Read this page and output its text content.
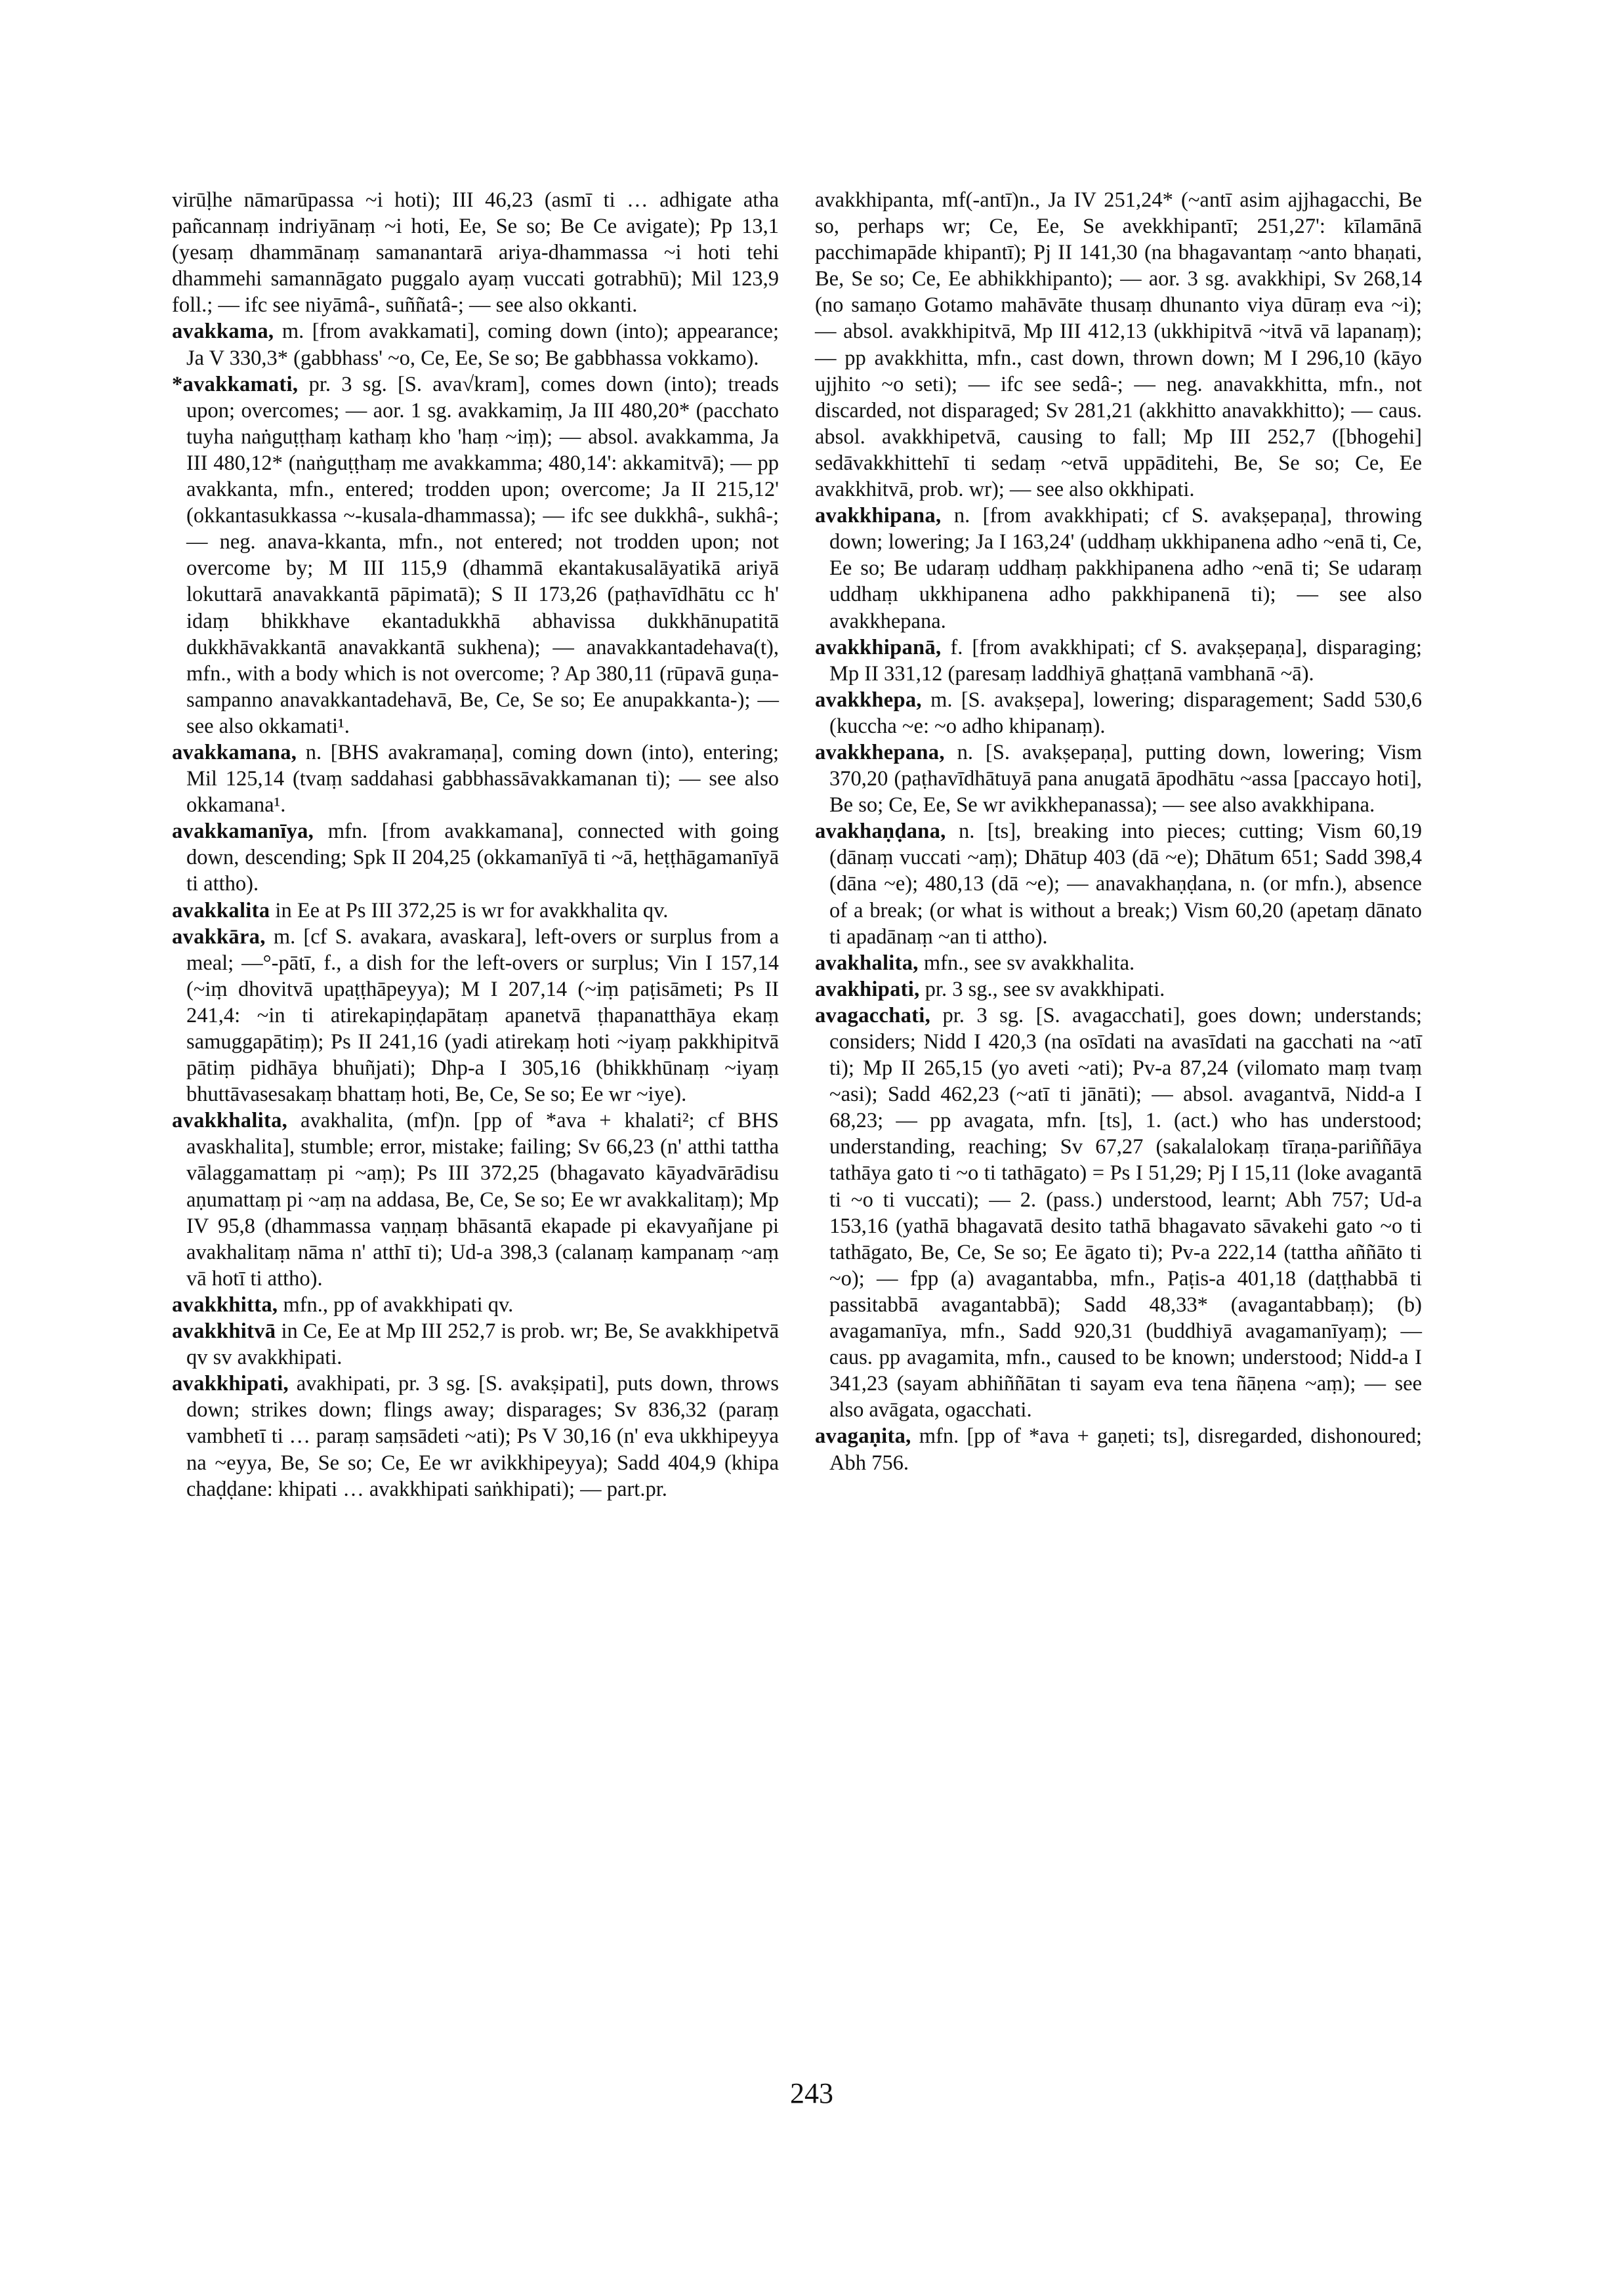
virūḷhe nāmarūpassa ~i hoti); III 46,23 (asmī ti … adhigate atha pañcannaṃ indriyānaṃ ~i hoti, Ee, Se so; Be Ce avigate); Pp 13,1 (yesaṃ dhammānaṃ samanantarā ariya-dhammassa ~i hoti tehi dhammehi samannāgato puggalo ayaṃ vuccati gotrabhū); Mil 123,9 foll.; — ifc see niyāmâ-, suññatâ-; — see also okkanti.

avakkama, m. [from avakkamati], coming down (into); appearance; Ja V 330,3* (gabbhass' ~o, Ce, Ee, Se so; Be gabbhassa vokkamo).

*avakkamati, pr. 3 sg. [S. ava√kram], comes down (into); treads upon; overcomes; — aor. 1 sg. avakkamiṃ, Ja III 480,20* (pacchato tuyha naṅguṭṭhaṃ kathaṃ kho 'haṃ ~iṃ); — absol. avakkamma, Ja III 480,12* (naṅguṭṭhaṃ me avakkamma; 480,14': akkamitvā); — pp avakkanta, mfn., entered; trodden upon; overcome; Ja II 215,12' (okkantasukkassa ~-kusala-dhammassa); — ifc see dukkhâ-, sukhâ-; — neg. anava-kkanta, mfn., not entered; not trodden upon; not overcome by; M III 115,9 (dhammā ekantakusalāyatikā ariyā lokuttarā anavakkantā pāpimatā); S II 173,26 (paṭhavīdhātu cc h' idaṃ bhikkhave ekantadukkhā abhavissa dukkhānupatitā dukkhāvakkantā anavakkantā sukhena); — anavakkantadehava(t), mfn., with a body which is not overcome; ? Ap 380,11 (rūpavā guṇa-sampanno anavakkantadehavā, Be, Ce, Se so; Ee anupakkanta-); — see also okkamati¹.

avakkamana, n. [BHS avakramaṇa], coming down (into), entering; Mil 125,14 (tvaṃ saddahasi gabbhassāvakkamanan ti); — see also okkamana¹.

avakkamanīya, mfn. [from avakkamana], connected with going down, descending; Spk II 204,25 (okkamanīyā ti ~ā, heṭṭhāgamanīyā ti attho).

avakkalita in Ee at Ps III 372,25 is wr for avakkhalita qv.

avakkāra, m. [cf S. avakara, avaskara], left-overs or surplus from a meal; —°-pātī, f., a dish for the left-overs or surplus; Vin I 157,14 (~iṃ dhovitvā upaṭṭhāpeyya); M I 207,14 (~iṃ paṭisāmeti; Ps II 241,4: ~in ti atirekapiṇḍapātaṃ apanetvā ṭhapanatthāya ekaṃ samuggapātiṃ); Ps II 241,16 (yadi atirekaṃ hoti ~iyaṃ pakkhipitvā pātiṃ pidhāya bhuñjati); Dhp-a I 305,16 (bhikkhūnaṃ ~iyaṃ bhuttāvasesakaṃ bhattaṃ hoti, Be, Ce, Se so; Ee wr ~iye).

avakkhalita, avakhalita, (mf)n. [pp of *ava + khalati²; cf BHS avaskhalita], stumble; error, mistake; failing; Sv 66,23 (n' atthi tattha vālaggamattaṃ pi ~aṃ); Ps III 372,25 (bhagavato kāyadvārādisu aṇumattaṃ pi ~aṃ na addasa, Be, Ce, Se so; Ee wr avakkalitaṃ); Mp IV 95,8 (dhammassa vaṇṇaṃ bhāsantā ekapade pi ekavyañjane pi avakhalitaṃ nāma n' atthī ti); Ud-a 398,3 (calanaṃ kampanaṃ ~aṃ vā hotī ti attho).

avakkhitta, mfn., pp of avakkhipati qv.

avakkhitvā in Ce, Ee at Mp III 252,7 is prob. wr; Be, Se avakkhipetvā qv sv avakkhipati.

avakkhipati, avakhipati, pr. 3 sg. [S. avakṣipati], puts down, throws down; strikes down; flings away; disparages; Sv 836,32 (paraṃ vambhetī ti … paraṃ saṃsādeti ~ati); Ps V 30,16 (n' eva ukkhipeyya na ~eyya, Be, Se so; Ce, Ee wr avikkhipeyya); Sadd 404,9 (khipa chaḍḍane: khipati … avakkhipati saṅkhipati); — part.pr.

avakkhipanta, mf(-antī)n., Ja IV 251,24* (~antī asim ajjhagacchi, Be so, perhaps wr; Ce, Ee, Se avekkhipantī; 251,27': kīlamānā pacchimapāde khipantī); Pj II 141,30 (na bhagavantaṃ ~anto bhaṇati, Be, Se so; Ce, Ee abhikkhipanto); — aor. 3 sg. avakkhipi, Sv 268,14 (no samaṇo Gotamo mahāvāte thusaṃ dhunanto viya dūraṃ eva ~i); — absol. avakkhipitvā, Mp III 412,13 (ukkhipitvā ~itvā vā lapanaṃ); — pp avakkhitta, mfn., cast down, thrown down; M I 296,10 (kāyo ujjhito ~o seti); — ifc see sedâ-; — neg. anavakkhitta, mfn., not discarded, not disparaged; Sv 281,21 (akkhitto anavakkhitto); — caus. absol. avakkhipetvā, causing to fall; Mp III 252,7 ([bhogehi] sedāvakkhittehī ti sedaṃ ~etvā uppāditehi, Be, Se so; Ce, Ee avakkhitvā, prob. wr); — see also okkhipati.

avakkhipana, n. [from avakkhipati; cf S. avakṣepaṇa], throwing down; lowering; Ja I 163,24' (uddhaṃ ukkhipanena adho ~enā ti, Ce, Ee so; Be udaraṃ uddhaṃ pakkhipanena adho ~enā ti; Se udaraṃ uddhaṃ ukkhipanena adho pakkhipanenā ti); — see also avakkhepana.

avakkhipanā, f. [from avakkhipati; cf S. avakṣepaṇa], disparaging; Mp II 331,12 (paresaṃ laddhiyā ghaṭṭanā vambhanā ~ā).

avakkhepa, m. [S. avakṣepa], lowering; disparagement; Sadd 530,6 (kuccha ~e: ~o adho khipanaṃ).

avakkhepana, n. [S. avakṣepaṇa], putting down, lowering; Vism 370,20 (paṭhavīdhātuyā pana anugatā āpodhātu ~assa [paccayo hoti], Be so; Ce, Ee, Se wr avikkhepanassa); — see also avakkhipana.

avakhaṇḍana, n. [ts], breaking into pieces; cutting; Vism 60,19 (dānaṃ vuccati ~aṃ); Dhātup 403 (dā ~e); Dhātum 651; Sadd 398,4 (dāna ~e); 480,13 (dā ~e); — anavakhaṇḍana, n. (or mfn.), absence of a break; (or what is without a break;) Vism 60,20 (apetaṃ dānato ti apadānaṃ ~an ti attho).

avakhalita, mfn., see sv avakkhalita.

avakhipati, pr. 3 sg., see sv avakkhipati.

avagacchati, pr. 3 sg. [S. avagacchati], goes down; understands; considers; Nidd I 420,3 (na osīdati na avasīdati na gacchati na ~atī ti); Mp II 265,15 (yo aveti ~ati); Pv-a 87,24 (vilomato maṃ tvaṃ ~asi); Sadd 462,23 (~atī ti jānāti); — absol. avagantvā, Nidd-a I 68,23; — pp avagata, mfn. [ts], 1. (act.) who has understood; understanding, reaching; Sv 67,27 (sakalalokaṃ tīraṇa-pariññāya tathāya gato ti ~o ti tathāgato) = Ps I 51,29; Pj I 15,11 (loke avagantā ti ~o ti vuccati); — 2. (pass.) understood, learnt; Abh 757; Ud-a 153,16 (yathā bhagavatā desito tathā bhagavato sāvakehi gato ~o ti tathāgato, Be, Ce, Se so; Ee āgato ti); Pv-a 222,14 (tattha aññāto ti ~o); — fpp (a) avagantabba, mfn., Paṭis-a 401,18 (daṭṭhabbā ti passitabbā avagantabbā); Sadd 48,33* (avagantabbaṃ); (b) avagamanīya, mfn., Sadd 920,31 (buddhiyā avagamanīyaṃ); — caus. pp avagamita, mfn., caused to be known; understood; Nidd-a I 341,23 (sayam abhiññātan ti sayam eva tena ñāṇena ~aṃ); — see also avāgata, ogacchati.

avagaṇita, mfn. [pp of *ava + gaṇeti; ts], disregarded, dishonoured; Abh 756.

243
